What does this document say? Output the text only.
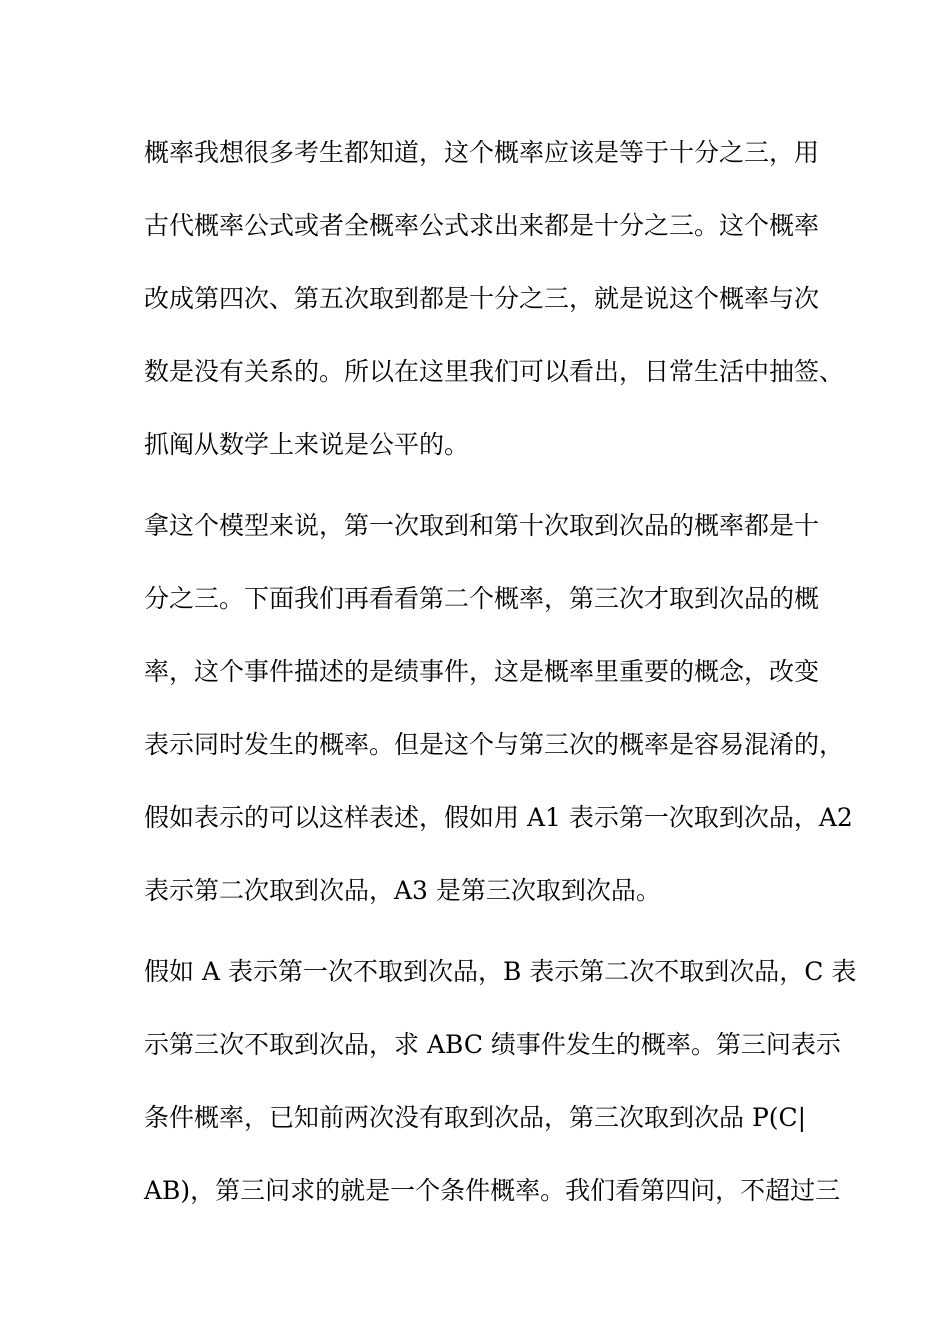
概率我想很多考生都知道，这个概率应该是等于十分之三，用
古代概率公式或者全概率公式求出来都是十分之三。这个概率
改成第四次、第五次取到都是十分之三，就是说这个概率与次
数是没有关系的。所以在这里我们可以看出，日常生活中抽签、
抓阄从数学上来说是公平的。
拿这个模型来说，第一次取到和第十次取到次品的概率都是十
分之三。下面我们再看看第二个概率，第三次才取到次品的概
率，这个事件描述的是绩事件，这是概率里重要的概念，改变
表示同时发生的概率。但是这个与第三次的概率是容易混淆的，
假如表示的可以这样表述，假如用 A1 表示第一次取到次品，A2
表示第二次取到次品，A3 是第三次取到次品。
假如 A 表示第一次不取到次品，B 表示第二次不取到次品，C 表
示第三次不取到次品，求 ABC 绩事件发生的概率。第三问表示
条件概率，已知前两次没有取到次品，第三次取到次品 P(C|
AB)，第三问求的就是一个条件概率。我们看第四问，不超过三
